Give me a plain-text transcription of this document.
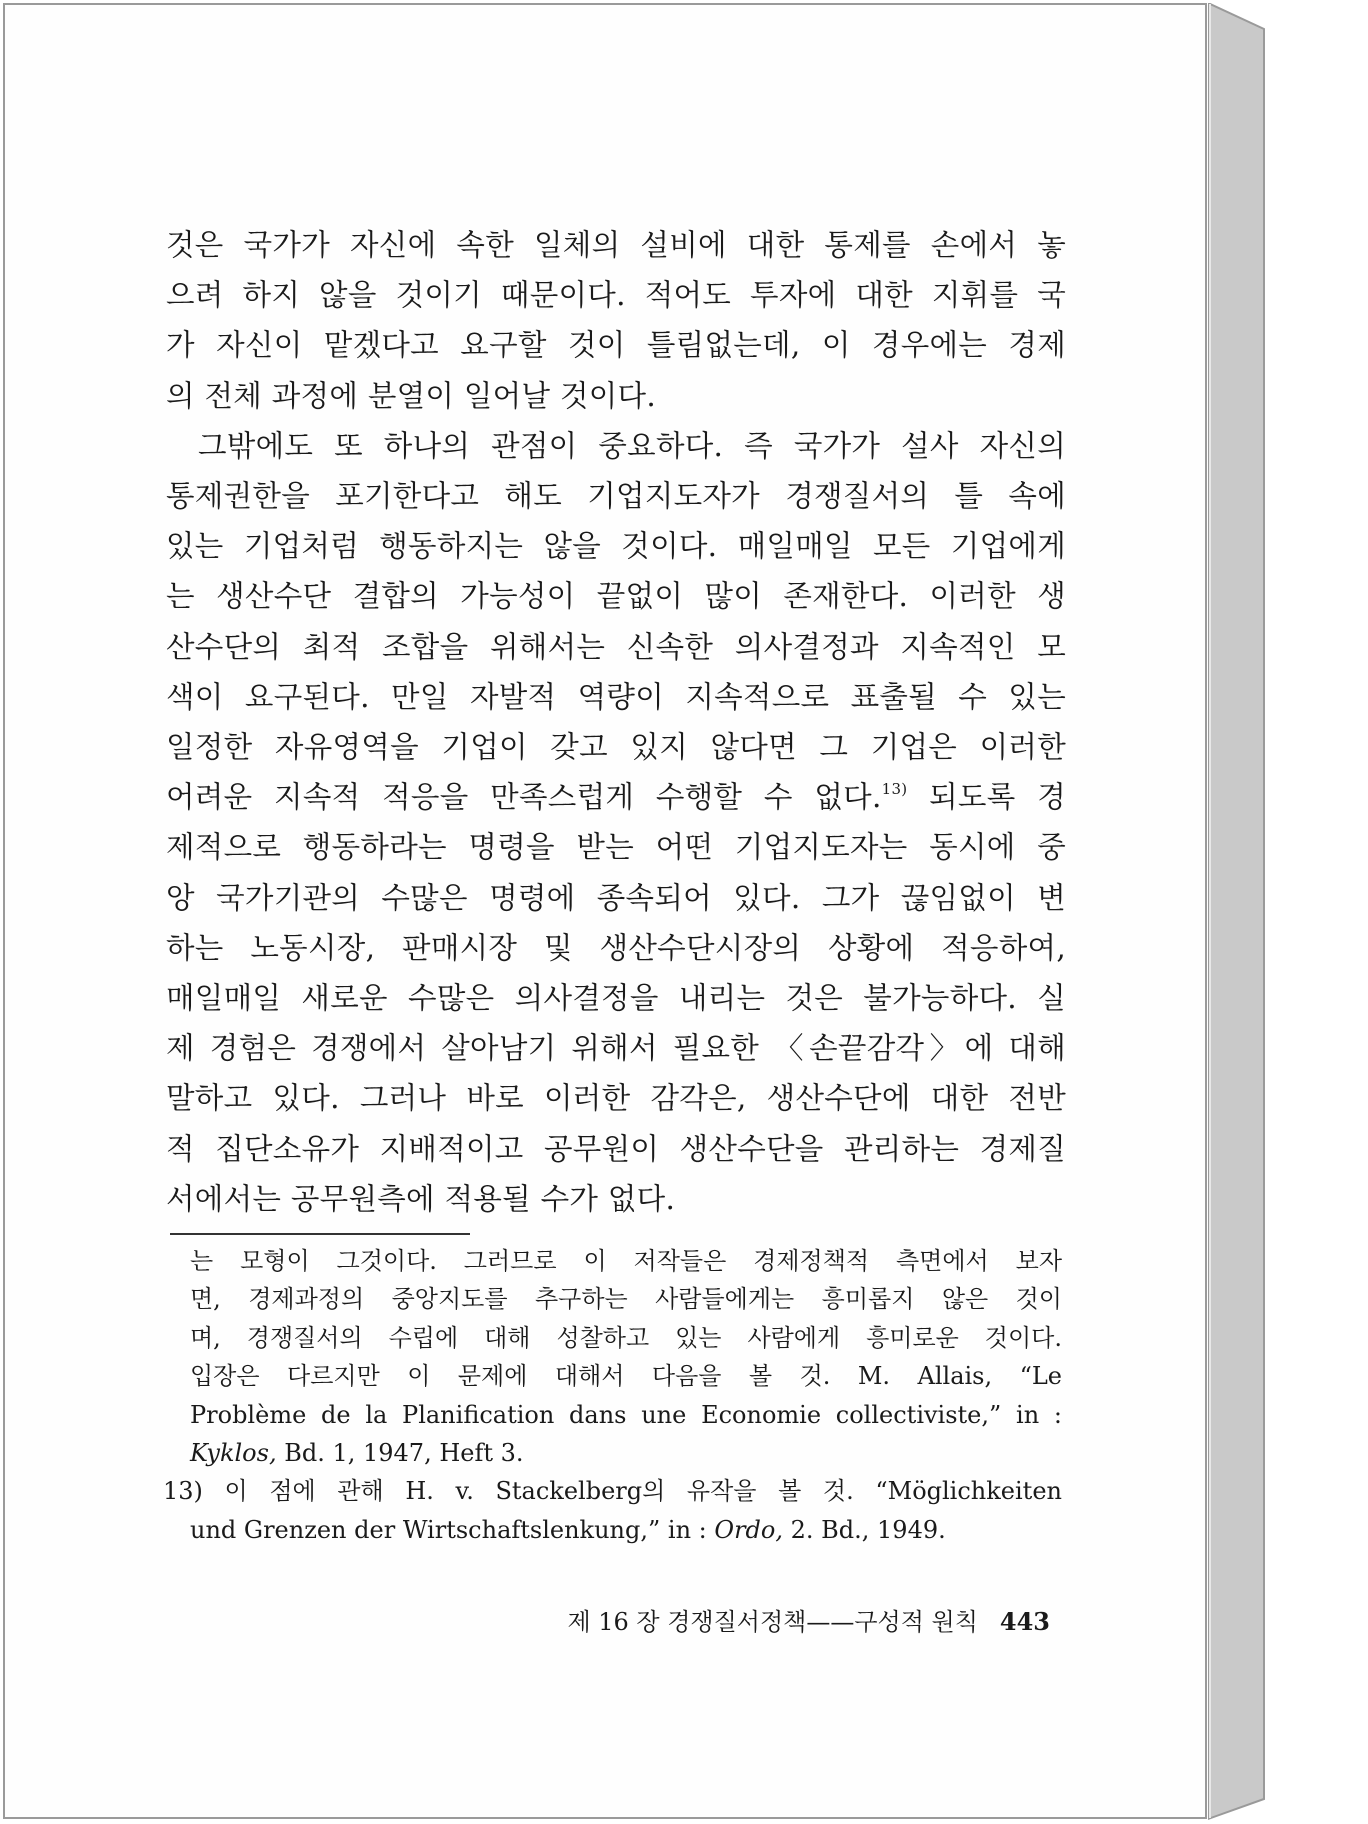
것은 국가가 자신에 속한 일체의 설비에 대한 통제를 손에서 놓

으려 하지 않을 것이기 때문이다. 적어도 투자에 대한 지휘를 국

가 자신이 맡겠다고 요구할 것이 틀림없는데, 이 경우에는 경제

의 전체 과정에 분열이 일어날 것이다.

그밖에도 또 하나의 관점이 중요하다. 즉 국가가 설사 자신의

통제권한을 포기한다고 해도 기업지도자가 경쟁질서의 틀 속에

있는 기업처럼 행동하지는 않을 것이다. 매일매일 모든 기업에게

는 생산수단 결합의 가능성이 끝없이 많이 존재한다. 이러한 생

산수단의 최적 조합을 위해서는 신속한 의사결정과 지속적인 모

색이 요구된다. 만일 자발적 역량이 지속적으로 표출될 수 있는

일정한 자유영역을 기업이 갖고 있지 않다면 그 기업은 이러한

어려운 지속적 적응을 만족스럽게 수행할 수 없다.$^{13)}$ 되도록 경

제적으로 행동하라는 명령을 받는 어떤 기업지도자는 동시에 중

앙 국가기관의 수많은 명령에 종속되어 있다. 그가 끊임없이 변

하는 노동시장, 판매시장 및 생산수단시장의 상황에 적응하여,

매일매일 새로운 수많은 의사결정을 내리는 것은 불가능하다. 실

제 경험은 경쟁에서 살아남기 위해서 필요한 〈손끝감각〉에 대해

말하고 있다. 그러나 바로 이러한 감각은, 생산수단에 대한 전반

적 집단소유가 지배적이고 공무원이 생산수단을 관리하는 경제질

서에서는 공무원측에 적용될 수가 없다.

는 모형이 그것이다. 그러므로 이 저작들은 경제정책적 측면에서 보자

면, 경제과정의 중앙지도를 추구하는 사람들에게는 흥미롭지 않은 것이

며, 경쟁질서의 수립에 대해 성찰하고 있는 사람에게 흥미로운 것이다.

입장은 다르지만 이 문제에 대해서 다음을 볼 것. M. Allais, “Le

Problème de la Planification dans une Economie collectiviste,” in :

Kyklos, Bd. 1, 1947, Heft 3.

13) 이 점에 관해 H. v. Stackelberg의 유작을 볼 것. “Möglichkeiten

und Grenzen der Wirtschaftslenkung,” in : Ordo, 2. Bd., 1949.

제 16 장 경쟁질서정책——구성적 원칙 443
